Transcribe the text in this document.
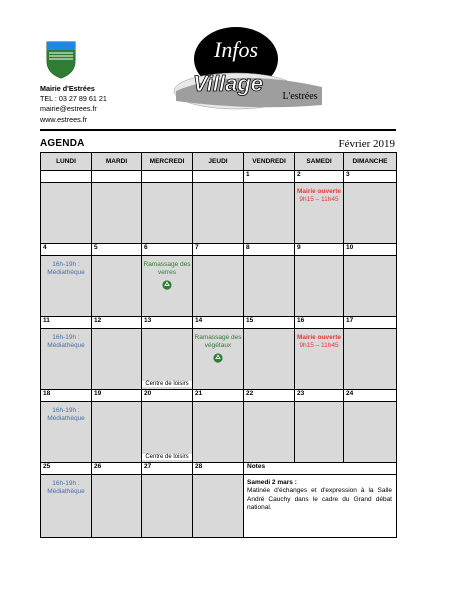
Mairie d'Estrées
TEL : 03 27 89 61 21
mairie@estrees.fr
www.estrees.fr
Infos
Village
L'estrées
AGENDA	Février 2019
LUNDI	MARDI	MERCREDI	JEUDI	VENDREDI	SAMEDI	DIMANCHE
				1	2	3

					Mairie ouverte
9h15 – 11h45	

4	5	6	7	8	9	10

16h-19h : Médiathèque		Ramassage des verres				

11	12	13	14	15	16	17

16h-19h : Médiathèque		Centre de loisirs	Ramassage des végétaux		Mairie ouverte
9h15 – 11h45	

18	19	20	21	22	23	24

16h-19h : Médiathèque		Centre de loisirs				

25	26	27	28	Notes		

16h-19h : Médiathèque				Samedi 2 mars :
Matinée d'échanges et d'expression à la Salle André Cauchy dans le cadre du Grand débat national.		
